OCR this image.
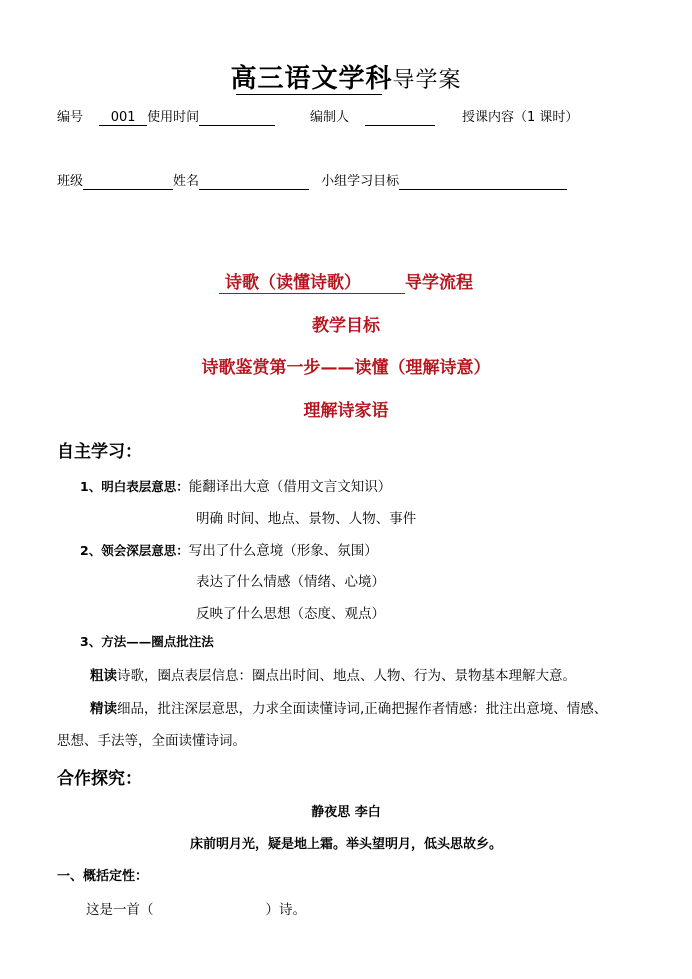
高三语文学科导学案
编号 001 使用时间	编制人	授课内容（1 课时）
班级	姓名	小组学习目标
诗歌（读懂诗歌）	导学流程
教学目标
诗歌鉴赏第一步——读懂（理解诗意）
理解诗家语
自主学习：
1、明白表层意思：能翻译出大意（借用文言文知识）
明确 时间、地点、景物、人物、事件
2、领会深层意思：写出了什么意境（形象、氛围）
表达了什么情感（情绪、心境）
反映了什么思想（态度、观点）
3、方法——圈点批注法
粗读诗歌，圈点表层信息：圈点出时间、地点、人物、行为、景物基本理解大意。
精读细品，批注深层意思，力求全面读懂诗词,正确把握作者情感：批注出意境、情感、
思想、手法等，全面读懂诗词。
合作探究：
静夜思 李白
床前明月光，疑是地上霜。举头望明月，低头思故乡。
一、概括定性：
这是一首（	）诗。
